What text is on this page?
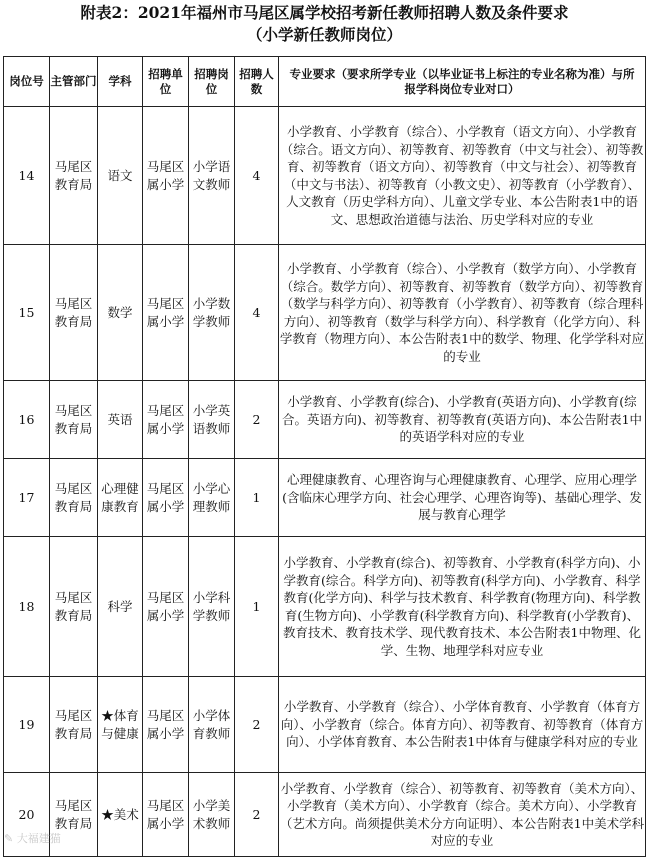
附表2：2021年福州市马尾区属学校招考新任教师招聘人数及条件要求
（小学新任教师岗位）
岗位号	主管部门	学科	招聘单位	招聘岗位	招聘人数	专业要求（要求所学专业（以毕业证书上标注的专业名称为准）与所报学科岗位专业对口）
14	马尾区教育局	语文	马尾区属小学	小学语文教师	4	小学教育、小学教育（综合）、小学教育（语文方向）、小学教育（综合。语文方向）、初等教育、初等教育（中文与社会）、初等教育、初等教育（语文方向）、初等教育（中文与社会）、初等教育（中文与书法）、初等教育（小教文史）、初等教育（小学教育）、人文教育（历史学科方向）、儿童文学专业、本公告附表1中的语文、思想政治道德与法治、历史学科对应的专业
15	马尾区教育局	数学	马尾区属小学	小学数学教师	4	小学教育、小学教育（综合）、小学教育（数学方向）、小学教育（综合。数学方向）、初等教育、初等教育（数学方向）、初等教育（数学与科学方向）、初等教育（小学教育）、初等教育（综合理科方向）、初等教育（数学与科学方向）、科学教育（化学方向）、科学教育（物理方向）、本公告附表1中的数学、物理、化学学科对应的专业
16	马尾区教育局	英语	马尾区属小学	小学英语教师	2	小学教育、小学教育(综合)、小学教育(英语方向)、小学教育(综合。英语方向)、初等教育、初等教育(英语方向)、本公告附表1中的英语学科对应的专业
17	马尾区教育局	心理健康教育	马尾区属小学	小学心理教师	1	心理健康教育、心理咨询与心理健康教育、心理学、应用心理学(含临床心理学方向、社会心理学、心理咨询等)、基础心理学、发展与教育心理学
18	马尾区教育局	科学	马尾区属小学	小学科学教师	1	小学教育、小学教育(综合)、初等教育、小学教育(科学方向)、小学教育(综合。科学方向)、初等教育(科学方向)、小学教育、科学教育(化学方向)、科学与技术教育、科学教育(物理方向)、科学教育(生物方向)、小学教育(科学教育方向)、科学教育(小学教育)、教育技术、教育技术学、现代教育技术、本公告附表1中物理、化学、生物、地理学科对应专业
19	马尾区教育局	★体育与健康	马尾区属小学	小学体育教师	2	小学教育、小学教育（综合）、小学体育教育、小学教育（体育方向）、小学教育（综合。体育方向）、初等教育、初等教育（体育方向）、小学体育教育、本公告附表1中体育与健康学科对应的专业
20	马尾区教育局	★美术	马尾区属小学	小学美术教师	2	小学教育、小学教育（综合）、初等教育、初等教育（美术方向）、小学教育（美术方向）、小学教育（综合。美术方向）、小学教育（艺术方向。尚须提供美术分方向证明）、本公告附表1中美术学科对应的专业
✎ 大福建猫
